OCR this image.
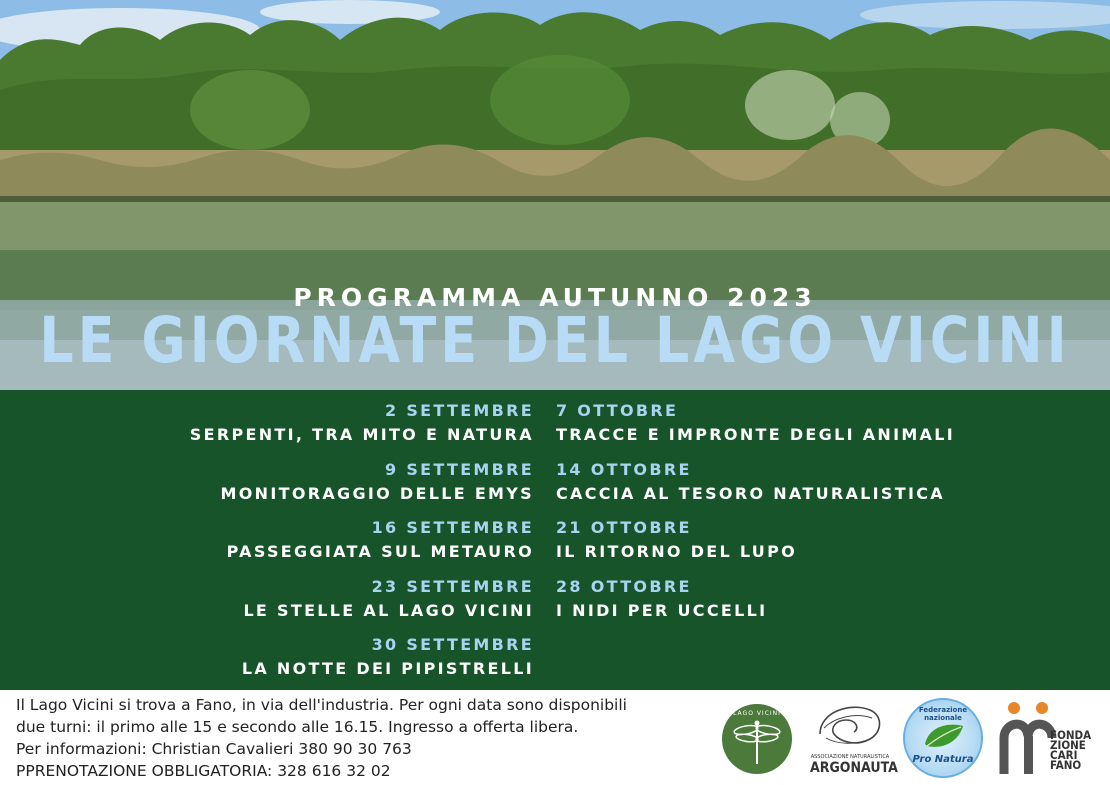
PROGRAMMA AUTUNNO 2023
LE GIORNATE DEL LAGO VICINI
2 SETTEMBRE
SERPENTI, TRA MITO E NATURA
9 SETTEMBRE
MONITORAGGIO DELLE EMYS
16 SETTEMBRE
PASSEGGIATA SUL METAURO
23 SETTEMBRE
LE STELLE AL LAGO VICINI
30 SETTEMBRE
LA NOTTE DEI PIPISTRELLI
7 OTTOBRE
TRACCE E IMPRONTE DEGLI ANIMALI
14 OTTOBRE
CACCIA AL TESORO NATURALISTICA
21 OTTOBRE
IL RITORNO DEL LUPO
28 OTTOBRE
I NIDI PER UCCELLI
Il Lago Vicini si trova a Fano, in via dell'industria. Per ogni data sono disponibili
due turni: il primo alle 15 e secondo alle 16.15. Ingresso a offerta libera.
Per informazioni: Christian Cavalieri 380 90 30 763
PPRENOTAZIONE OBBLIGATORIA: 328 616 32 02
LAGO VICINI
ASSOCIAZIONE NATURALISTICA
ARGONAUTA
Federazione nazionale
Pro Natura
FONDA
ZIONE
CARI
FANO
